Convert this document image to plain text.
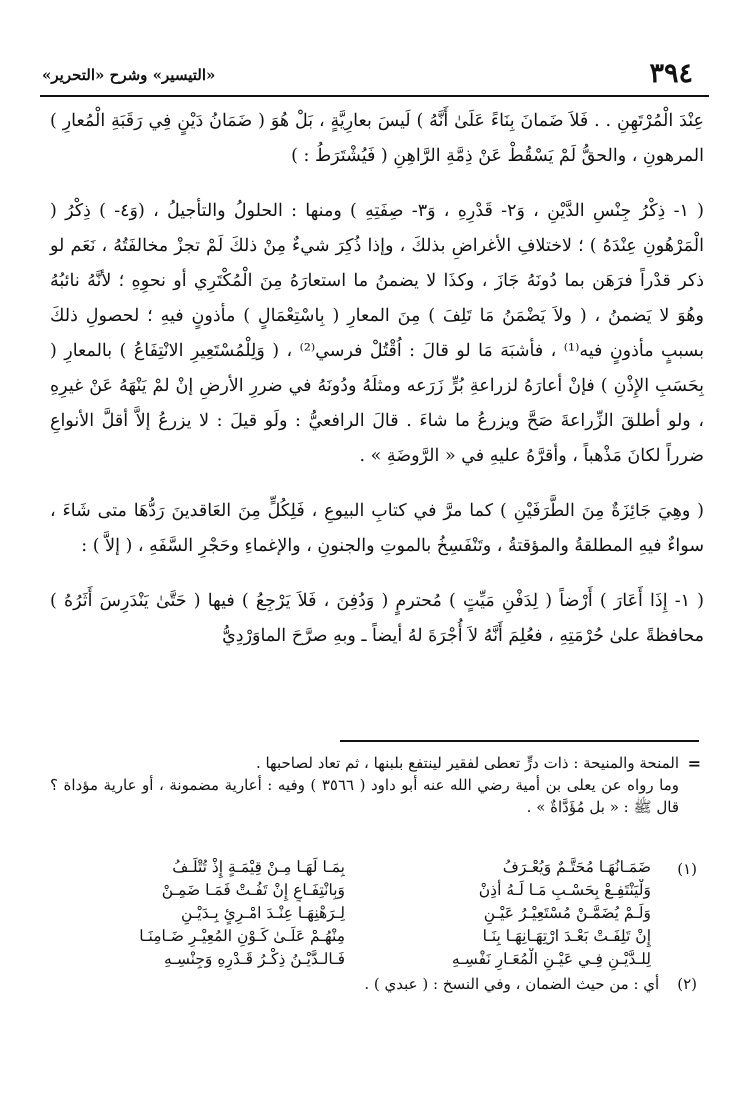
٣٩٤
«التيسير» وشرح «التحرير»

عِنْدَ الْمُرْتَهِنِ . . فَلاَ ضَمانَ بِنَاءً عَلَىٰ أَنَّهُ ) لَيسَ بعارِيَّةٍ ، بَلْ هُوَ ( ضَمَانُ دَيْنٍ فِي رَقَبَةِ الْمُعارِ ) المرهونِ ، والحقُّ لَمْ يَسْقُطْ عَنْ ذِمَّةِ الرَّاهِنِ ( فَيُشْتَرَطُ : )

( ١- ذِكْرُ جِنْسِ الدَّيْنِ ، وَ٢- قَدْرِهِ ، وَ٣- صِفَتِهِ ) ومنها : الحلولُ والتأجيلُ ، (وَ٤- ) ذِكْرُ ( الْمَرْهُونِ عِنْدَهُ ) ؛ لاختلافِ الأغراضِ بذلكَ ، وإذا ذُكِرَ شيءٌ مِنْ ذلكَ لَمْ تجزْ مخالفَتُهُ ، نَعَم لو ذكر قدْراً فرَهَن بما دُونَهُ جَازَ ، وكذَا لا يضمنُ ما استعارَهُ مِنَ الْمُكْتَرِي أو نحوِهِ ؛ لأنَّهُ نائبُهُ وهُوَ لا يَضمنُ ، ( ولاَ يَضْمَنُ مَا تَلِفَ ) مِنَ المعارِ ( بِاسْتِعْمَالٍ ) مأذونٍ فيهِ ؛ لحصولِ ذلكَ بسببٍ مأذونٍ فيه⁽¹⁾ ، فأشبَهَ مَا لو قالَ : اُقْتُلْ فرسي⁽²⁾ ، ( وَلِلْمُسْتَعِيرِ الانْتِفَاعُ ) بالمعارِ ( بِحَسَبِ الإِذْنِ ) فإنْ أعارَهُ لزراعةِ بُرٍّ زَرَعه ومثلَهُ ودُونَهُ في ضررِ الأرضِ إنْ لمْ يَنْهَهُ عَنْ غيرِهِ ، ولو أطلقَ الزِّراعةَ صَحَّ ويزرعُ ما شاءَ . قالَ الرافعيُّ : ولَو قيلَ : لا يزرعُ إلاَّ أقلَّ الأنواعِ ضرراً لكانَ مَذْهباً ، وأقرَّهُ عليهِ في « الرَّوضَةِ » .

( وهِيَ جَائِزَةٌ مِنَ الطَّرَفَيْنِ ) كما مرَّ في كتابِ البيوعِ ، فَلِكُلٍّ مِنَ العَاقدينَ رَدُّهَا متى شَاءَ ، سواءٌ فيهِ المطلقةُ والمؤقتةُ ، وتَنْفَسِخُ بالموتِ والجنونِ ، والإغماءِ وحَجْرِ السَّفَهِ ، ( إلاَّ ) :

( ١- إِذَا أَعَارَ ) أَرْضاً ( لِدَفْنِ مَيِّتٍ ) مُحترمٍ ( وَدُفِنَ ، فَلاَ يَرْجِعُ ) فيها ( حَتَّىٰ يَنْدَرِسَ أَثَرُهُ ) محافظةً علىٰ حُرْمَتِهِ ، فعُلِمَ أَنَّهُ لاَ أُجْرَةَ لهُ أيضاً ـ وبهِ صرَّحَ الماوَرْدِيُّ

=

المنحة والمنيحة : ذات درٍّ تعطى لفقير لينتفع بلبنها ، ثم تعاد لصاحبها .

وما رواه عن يعلى بن أمية رضي الله عنه أبو داود ( ٣٥٦٦ ) وفيه : أعارية مضمونة ، أو عارية مؤداة ؟ قال ﷺ : « بل مُؤَدَّاةٌ » .

(١)
ضَمَـانُهَـا مُحَتَّـمٌ وَيُعْـرَفُ
بِمَـا لَهَـا مِـنْ قِيْمَـةٍ إِذْ تُتْلَـفُ
وَلْيَنْتَفِـعْ بِحَسْـبِ مَـا لَـهُ أَذِنْ
وَبِانْتِفَـاعٍ إِنْ تَفُـتْ فَمَـا ضَمِـنْ
وَلَـمْ يُضَمَّـنْ مُسْتَعِيْـرُ عَيْـنِ
لِـرَهْنِهَـا عِنْـدَ امْـرِئٍ بِـدَيْـنِ
إِنْ تَلِفَـتْ بَعْـدَ ارْتِهَـانِهَـا بِنَـا
مِنْهُـمْ عَلَـىٰ كَـوْنِ المُعِيْـرِ ضَـامِنَـا
لِلـدَّيْـنِ فِـي عَيْـنِ الْمُعَـارِ نَفْسِـهِ
فَـالـدَّيْـنُ ذِكْـرُ قَـدْرِهِ وَجِنْسِـهِ
(٢)أي : من حيث الضمان ، وفي النسخ : ( عبدي ) .
